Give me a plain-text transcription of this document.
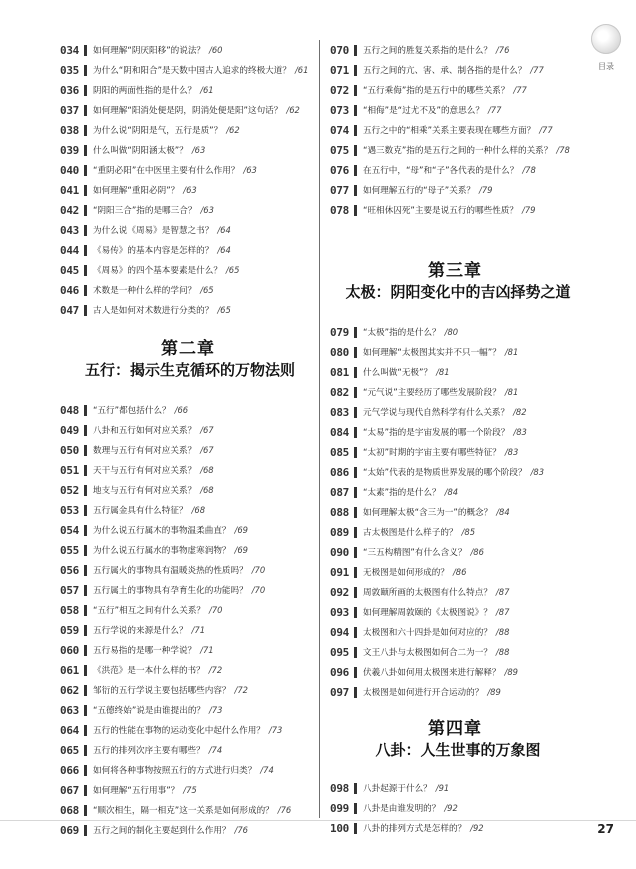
034 如何理解“阴厌阳移”的说法？ /60
035 为什么“阴和阳合”是天数中国古人追求的终极大道？ /61
036 阴阳的两面性指的是什么？ /61
037 如何理解“阳消处便是阴，阴消处便是阳”这句话？ /62
038 为什么说“阴阳是气，五行是质”？ /62
039 什么叫做“阴阳涵太极”？ /63
040 “重阴必阳”在中医里主要有什么作用？ /63
041 如何理解“重阳必阴”？ /63
042 “阴阳三合”指的是哪三合？ /63
043 为什么说《周易》是智慧之书？ /64
044 《易传》的基本内容是怎样的？ /64
045 《周易》的四个基本要素是什么？ /65
046 术数是一种什么样的学问？ /65
047 古人是如何对术数进行分类的？ /65
第二章
五行：揭示生克循环的万物法则
048 “五行”都包括什么？ /66
049 八卦和五行如何对应关系？ /67
050 数理与五行有何对应关系？ /67
051 天干与五行有何对应关系？ /68
052 地支与五行有何对应关系？ /68
053 五行属金具有什么特征？ /68
054 为什么说五行属木的事物温柔曲直？ /69
055 为什么说五行属水的事物虚寒润物？ /69
056 五行属火的事物具有温暖炎热的性质吗？ /70
057 五行属土的事物具有孕育生化的功能吗？ /70
058 “五行”相互之间有什么关系？ /70
059 五行学说的来源是什么？ /71
060 五行易指的是哪一种学说？ /71
061 《洪范》是一本什么样的书？ /72
062 邹衍的五行学说主要包括哪些内容？ /72
063 “五德终始”说是由谁提出的？ /73
064 五行的性能在事物的运动变化中起什么作用？ /73
065 五行的排列次序主要有哪些？ /74
066 如何将各种事物按照五行的方式进行归类？ /74
067 如何理解“五行用事”？ /75
068 “顺次相生，隔一相克”这一关系是如何形成的？ /76
069 五行之间的制化主要起到什么作用？ /76
070 五行之间的胜复关系指的是什么？ /76
071 五行之间的亢、害、承、制各指的是什么？ /77
072 “五行乘侮”指的是五行中的哪些关系？ /77
073 “相侮”是“过尤不及”的意思么？ /77
074 五行之中的“相乘”关系主要表现在哪些方面？ /77
075 “遇三数克”指的是五行之间的一种什么样的关系？ /78
076 在五行中，“母”和“子”各代表的是什么？ /78
077 如何理解五行的“母子”关系？ /79
078 “旺相休囚死”主要是说五行的哪些性质？ /79
第三章
太极：阴阳变化中的吉凶择势之道
079 “太极”指的是什么？ /80
080 如何理解“太极图其实并不只一幅”？ /81
081 什么叫做“无极”？ /81
082 “元气说”主要经历了哪些发展阶段？ /81
083 元气学说与现代自然科学有什么关系？ /82
084 “太易”指的是宇宙发展的哪一个阶段？ /83
085 “太初”时期的宇宙主要有哪些特征？ /83
086 “太始”代表的是物质世界发展的哪个阶段？ /83
087 “太素”指的是什么？ /84
088 如何理解太极“含三为一”的概念？ /84
089 古太极图是什么样子的？ /85
090 “三五构精图”有什么含义？ /86
091 无极图是如何形成的？ /86
092 周敦颐所画的太极图有什么特点？ /87
093 如何理解周敦颐的《太极图说》？ /87
094 太极图和六十四卦是如何对应的？ /88
095 文王八卦与太极图如何合二为一？ /88
096 伏羲八卦如何用太极图来进行解释？ /89
097 太极图是如何进行开合运动的？ /89
第四章
八卦：人生世事的万象图
098 八卦起源于什么？ /91
099 八卦是由谁发明的？ /92
100 八卦的排列方式是怎样的？ /92
目录
27
